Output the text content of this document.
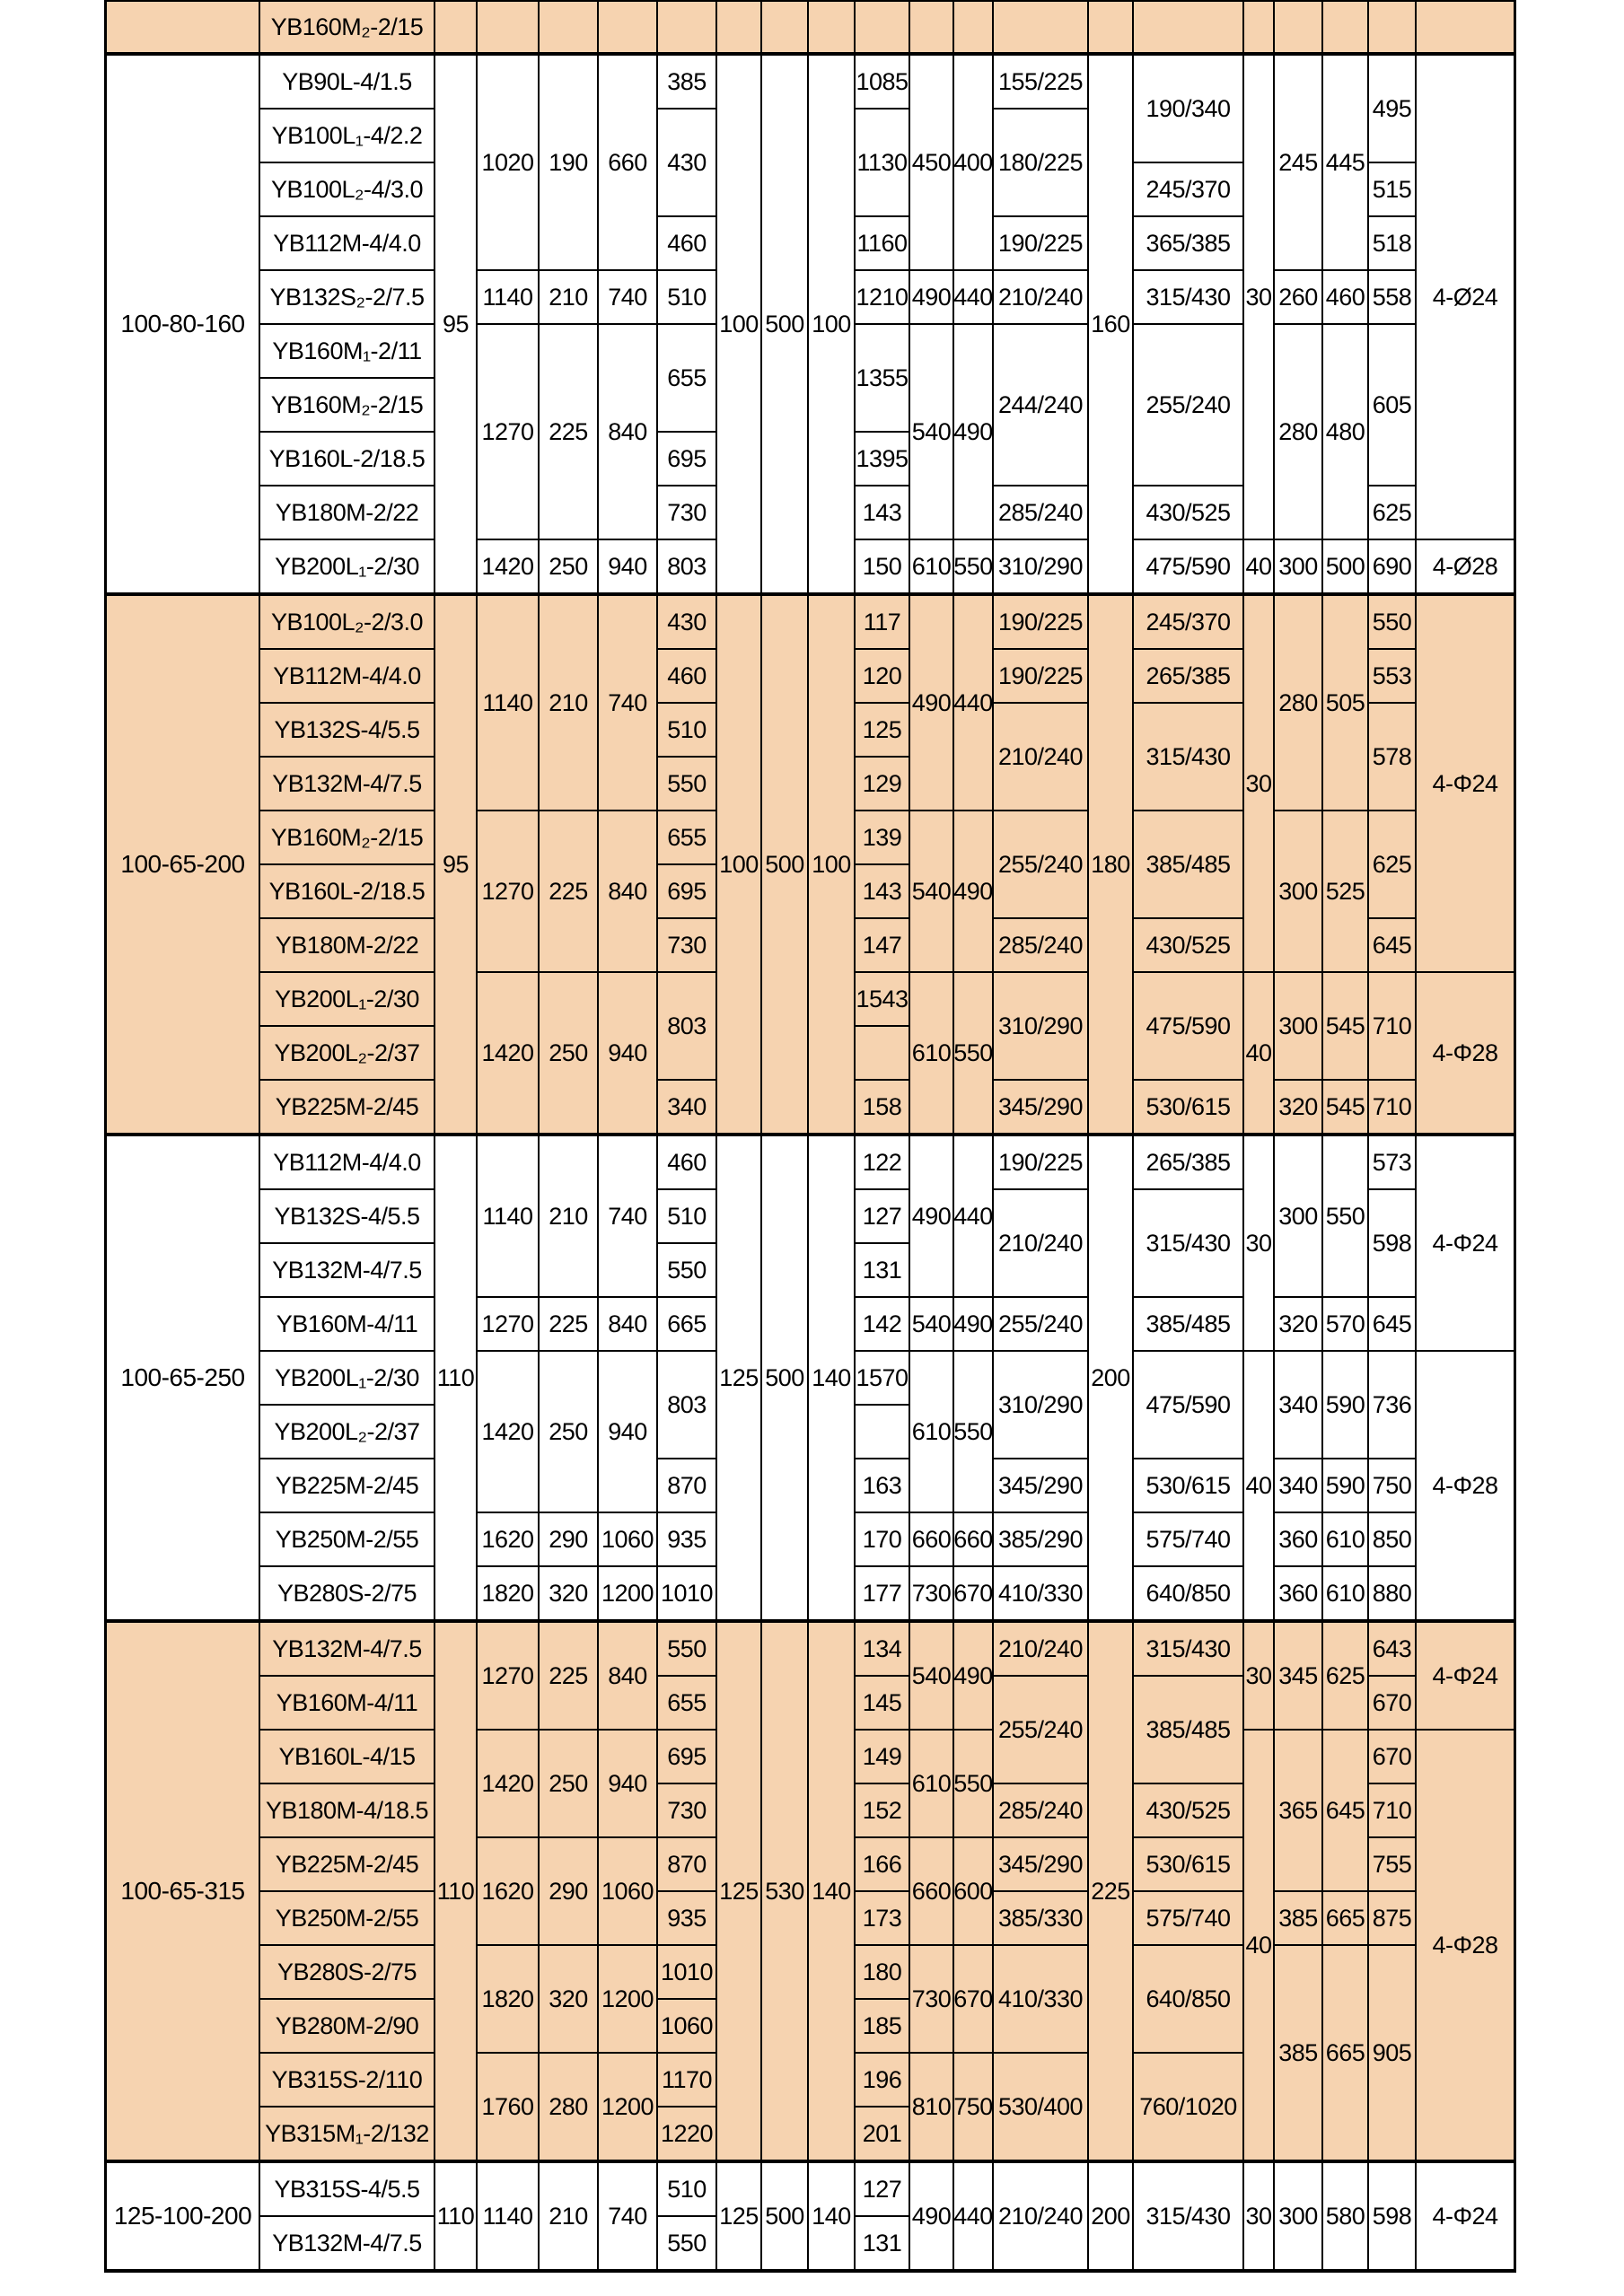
YB160M₂-2/15
100-80-160
YB90L-4/1.5
YB100L₁-4/2.2
YB100L₂-4/3.0
YB112M-4/4.0
YB132S₂-2/7.5
YB160M₁-2/11
YB160M₂-2/15
YB160L-2/18.5
YB180M-2/22
YB200L₁-2/30
95
1020
1140
1270
1420
190
210
225
250
660
740
840
940
385
430
460
510
655
695
730
803
100 500 100
1085
1130
1160
1210
1355
1395
143
150
450
490
540
610
400
440
490
550
155/225
180/225
190/225
210/240
244/240
285/240
310/290
160
190/340
245/370
365/385
315/430
255/240
430/525
475/590
30
40
245
260
280
300
445
460
480
500
495
515
518
558
605
625
690
4-Ø24
4-Ø28
100-65-200
YB100L₂-2/3.0
YB112M-4/4.0
YB132S-4/5.5
YB132M-4/7.5
YB160M₂-2/15
YB160L-2/18.5
YB180M-2/22
YB200L₁-2/30
YB200L₂-2/37
YB225M-2/45
95
1140
1270
1420
210
225
250
740
840
940
430
460
510
550
655
695
730
803
340
100 500 100
117
120
125
129
139
143
147
1543
158
490
540
610
440
490
550
190/225
190/225
210/240
255/240
285/240
310/290
345/290
180
245/370
265/385
315/430
385/485
430/525
475/590
530/615
30
40
280
300
300
320
505
525
545
545
550
553
578
625
645
710
710
4-Φ24
4-Φ28
100-65-250
YB112M-4/4.0
YB132S-4/5.5
YB132M-4/7.5
YB160M-4/11
YB200L₁-2/30
YB200L₂-2/37
YB225M-2/45
YB250M-2/55
YB280S-2/75
110
1140
1270
1420
1620
1820
210
225
250
290
320
740
840
940
1060
1200
460
510
550
665
803
870
935
1010
125 500 140
122
127
131
142
1570
163
170
177
490
540
610
660
730
440
490
550
660
670
190/225
210/240
255/240
310/290
345/290
385/290
410/330
200
265/385
315/430
385/485
475/590
530/615
575/740
640/850
30
40
300
320
340
340
360
360
550
570
590
590
610
610
573
598
645
736
750
850
880
4-Φ24
4-Φ28
100-65-315
YB132M-4/7.5
YB160M-4/11
YB160L-4/15
YB180M-4/18.5
YB225M-2/45
YB250M-2/55
YB280S-2/75
YB280M-2/90
YB315S-2/110
YB315M₁-2/132
110
1270
1420
1620
1820
1760
225
250
290
320
280
840
940
1060
1200
1200
550
655
695
730
870
935
1010
1060
1170
1220
125 530 140
134
145
149
152
166
173
180
185
196
201
540
610
660
730
810
490
550
600
670
750
210/240
255/240
285/240
345/290
385/330
410/330
530/400
225
315/430
385/485
430/525
530/615
575/740
640/850
760/1020
30
40
345
365
385
385
625
645
665
665
643
670
670
710
755
875
905
4-Φ24
4-Φ28
125-100-200
YB315S-4/5.5
YB132M-4/7.5
110 1140 210 740
510
550
125 500 140
127
131
490 440 210/240 200 315/430 30 300 580 598 4-Φ24
